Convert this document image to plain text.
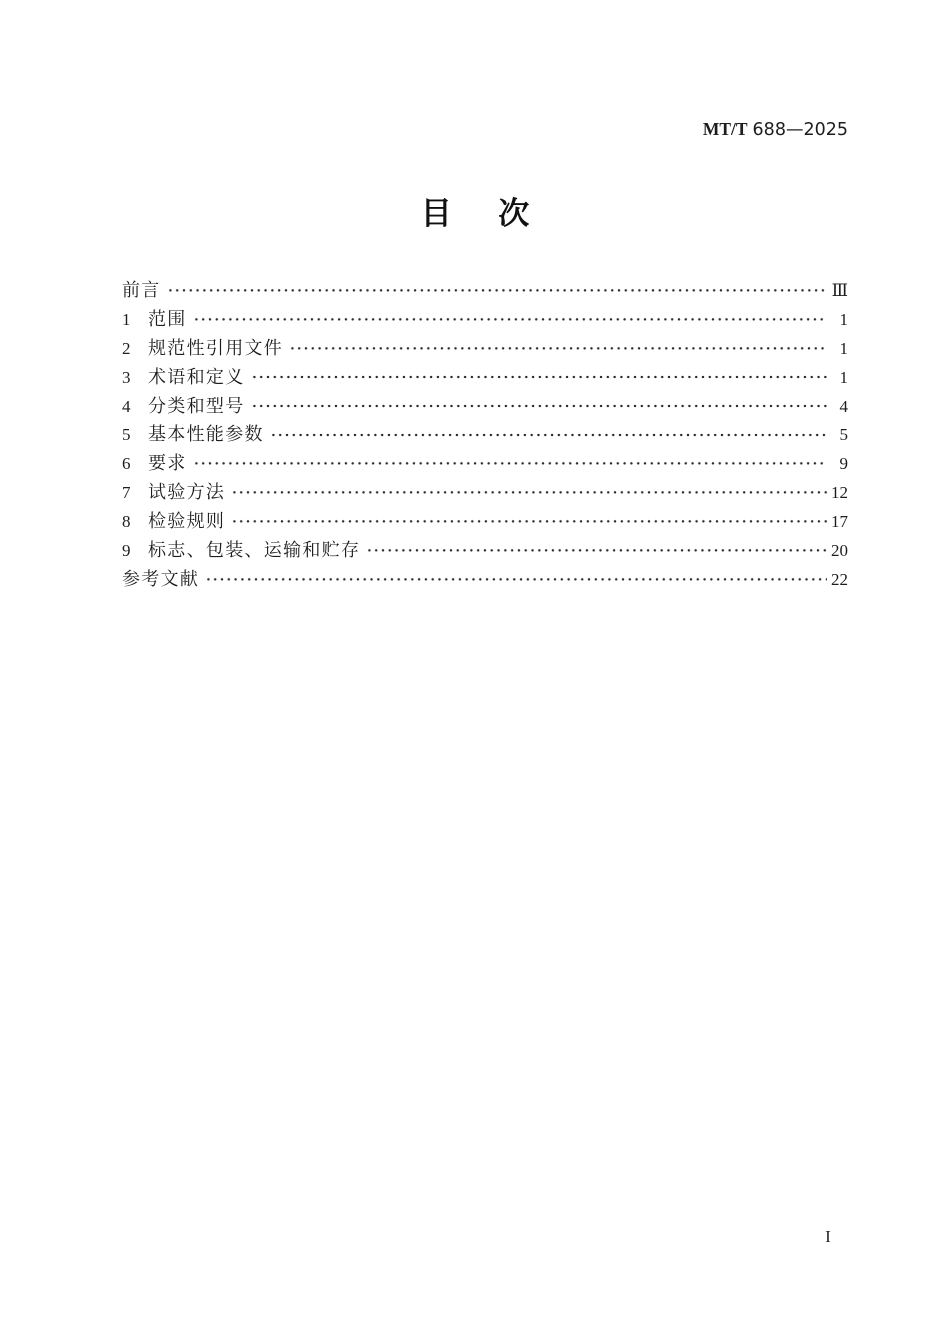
MT/T 688—2025
目次
前言	Ⅲ
1 范围	1
2 规范性引用文件	1
3 术语和定义	1
4 分类和型号	4
5 基本性能参数	5
6 要求	9
7 试验方法	12
8 检验规则	17
9 标志、包装、运输和贮存	20
参考文献	22
I
